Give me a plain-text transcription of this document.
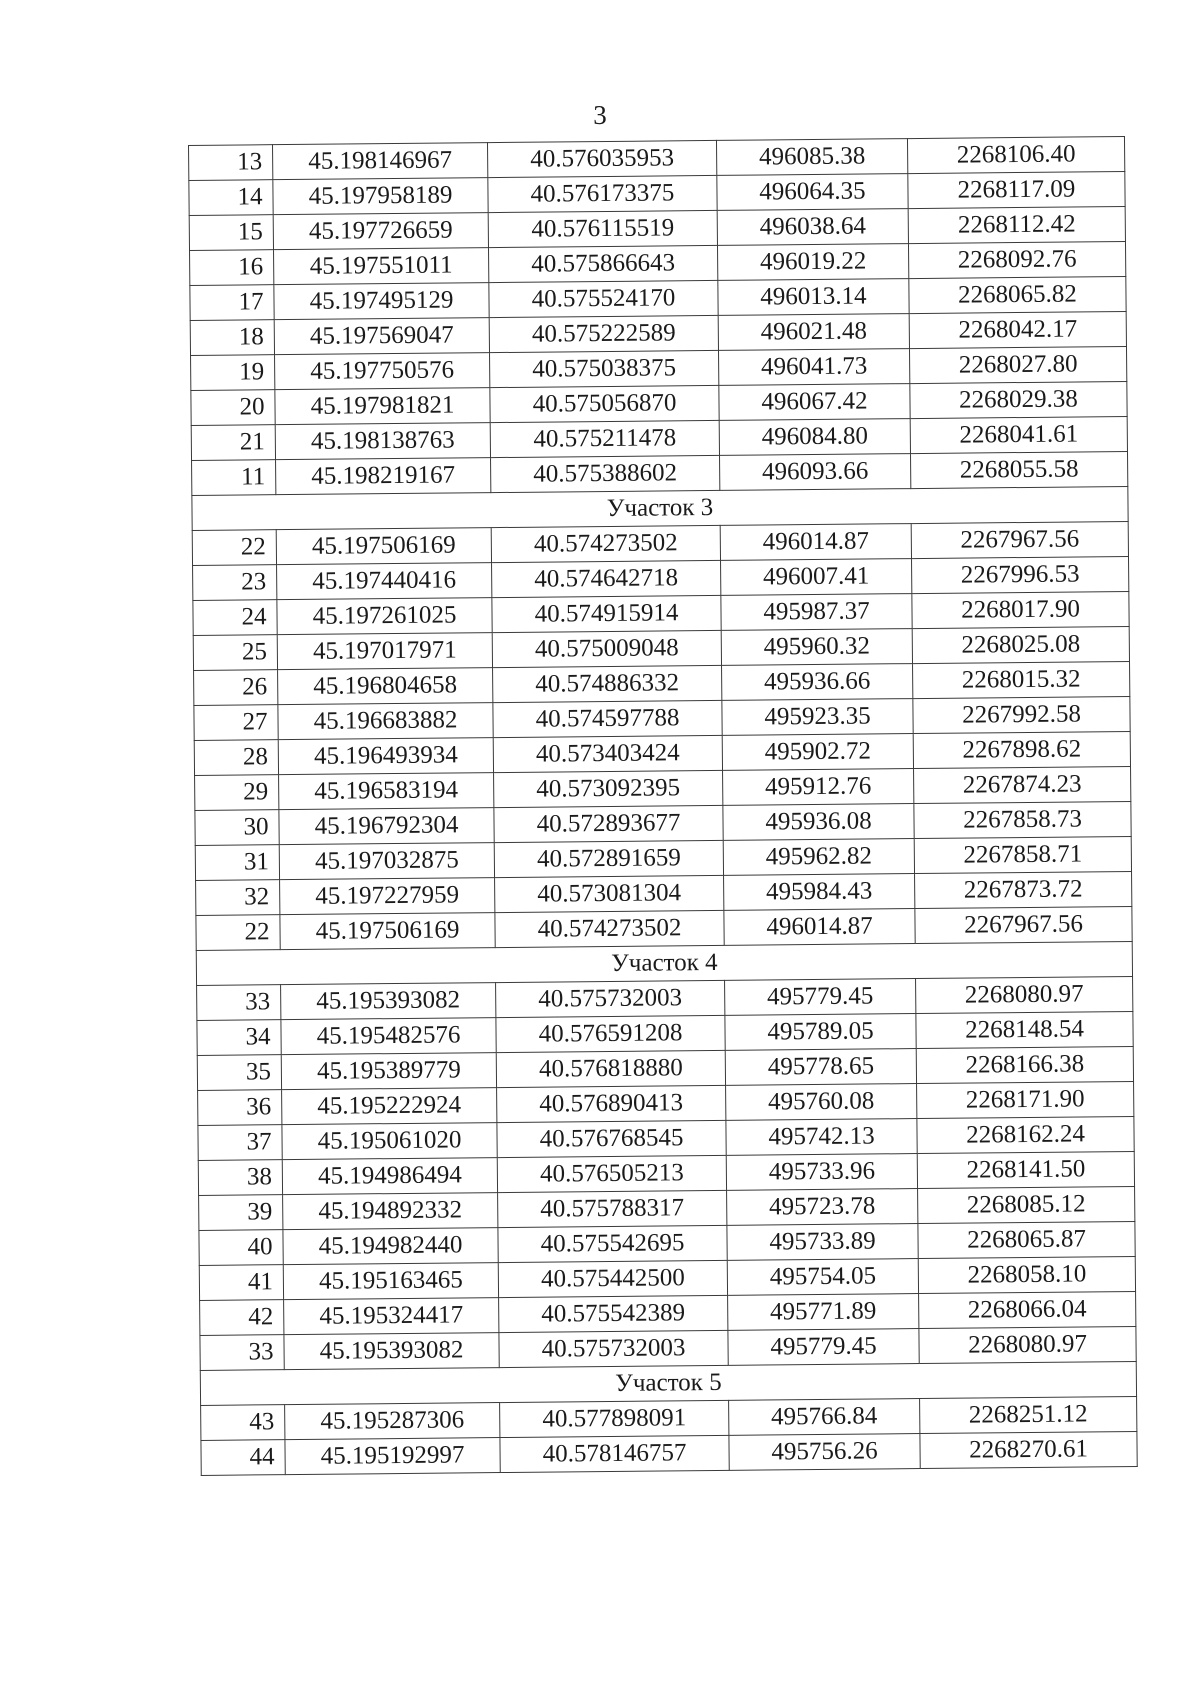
3
13	45.198146967	40.576035953	496085.38	2268106.40
14	45.197958189	40.576173375	496064.35	2268117.09
15	45.197726659	40.576115519	496038.64	2268112.42
16	45.197551011	40.575866643	496019.22	2268092.76
17	45.197495129	40.575524170	496013.14	2268065.82
18	45.197569047	40.575222589	496021.48	2268042.17
19	45.197750576	40.575038375	496041.73	2268027.80
20	45.197981821	40.575056870	496067.42	2268029.38
21	45.198138763	40.575211478	496084.80	2268041.61
11	45.198219167	40.575388602	496093.66	2268055.58
Участок 3				
22	45.197506169	40.574273502	496014.87	2267967.56
23	45.197440416	40.574642718	496007.41	2267996.53
24	45.197261025	40.574915914	495987.37	2268017.90
25	45.197017971	40.575009048	495960.32	2268025.08
26	45.196804658	40.574886332	495936.66	2268015.32
27	45.196683882	40.574597788	495923.35	2267992.58
28	45.196493934	40.573403424	495902.72	2267898.62
29	45.196583194	40.573092395	495912.76	2267874.23
30	45.196792304	40.572893677	495936.08	2267858.73
31	45.197032875	40.572891659	495962.82	2267858.71
32	45.197227959	40.573081304	495984.43	2267873.72
22	45.197506169	40.574273502	496014.87	2267967.56
Участок 4				
33	45.195393082	40.575732003	495779.45	2268080.97
34	45.195482576	40.576591208	495789.05	2268148.54
35	45.195389779	40.576818880	495778.65	2268166.38
36	45.195222924	40.576890413	495760.08	2268171.90
37	45.195061020	40.576768545	495742.13	2268162.24
38	45.194986494	40.576505213	495733.96	2268141.50
39	45.194892332	40.575788317	495723.78	2268085.12
40	45.194982440	40.575542695	495733.89	2268065.87
41	45.195163465	40.575442500	495754.05	2268058.10
42	45.195324417	40.575542389	495771.89	2268066.04
33	45.195393082	40.575732003	495779.45	2268080.97
Участок 5				
43	45.195287306	40.577898091	495766.84	2268251.12
44	45.195192997	40.578146757	495756.26	2268270.61
